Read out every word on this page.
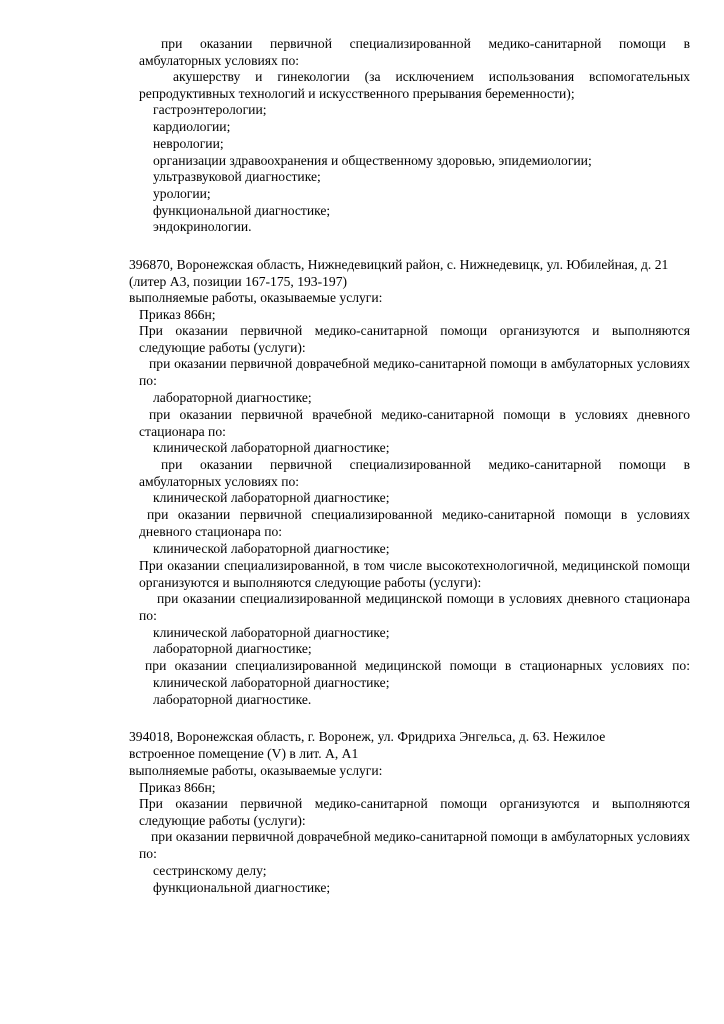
при оказании первичной специализированной медико-санитарной помощи в амбулаторных условиях по:

акушерству и гинекологии (за исключением использования вспомогательных репродуктивных технологий и искусственного прерывания беременности);

гастроэнтерологии;

кардиологии;

неврологии;

организации здравоохранения и общественному здоровью, эпидемиологии;

ультразвуковой диагностике;

урологии;

функциональной диагностике;

эндокринологии.

396870, Воронежская область, Нижнедевицкий район, с. Нижнедевицк, ул. Юбилейная, д. 21 (литер А3, позиции 167-175, 193-197)

выполняемые работы, оказываемые услуги:

Приказ 866н;

При оказании первичной медико-санитарной помощи организуются и выполняются следующие работы (услуги):

при оказании первичной доврачебной медико-санитарной помощи в амбулаторных условиях по:

лабораторной диагностике;

при оказании первичной врачебной медико-санитарной помощи в условиях дневного стационара по:

клинической лабораторной диагностике;

при оказании первичной специализированной медико-санитарной помощи в амбулаторных условиях по:

клинической лабораторной диагностике;

при оказании первичной специализированной медико-санитарной помощи в условиях дневного стационара по:

клинической лабораторной диагностике;

При оказании специализированной, в том числе высокотехнологичной, медицинской помощи организуются и выполняются следующие работы (услуги):

при оказании специализированной медицинской помощи в условиях дневного стационара по:

клинической лабораторной диагностике;

лабораторной диагностике;

при оказании специализированной медицинской помощи в стационарных условиях по:

клинической лабораторной диагностике;

лабораторной диагностике.

394018, Воронежская область, г. Воронеж, ул. Фридриха Энгельса, д. 63. Нежилое встроенное помещение (V) в лит. А, А1

выполняемые работы, оказываемые услуги:

Приказ 866н;

При оказании первичной медико-санитарной помощи организуются и выполняются следующие работы (услуги):

при оказании первичной доврачебной медико-санитарной помощи в амбулаторных условиях по:

сестринскому делу;

функциональной диагностике;
